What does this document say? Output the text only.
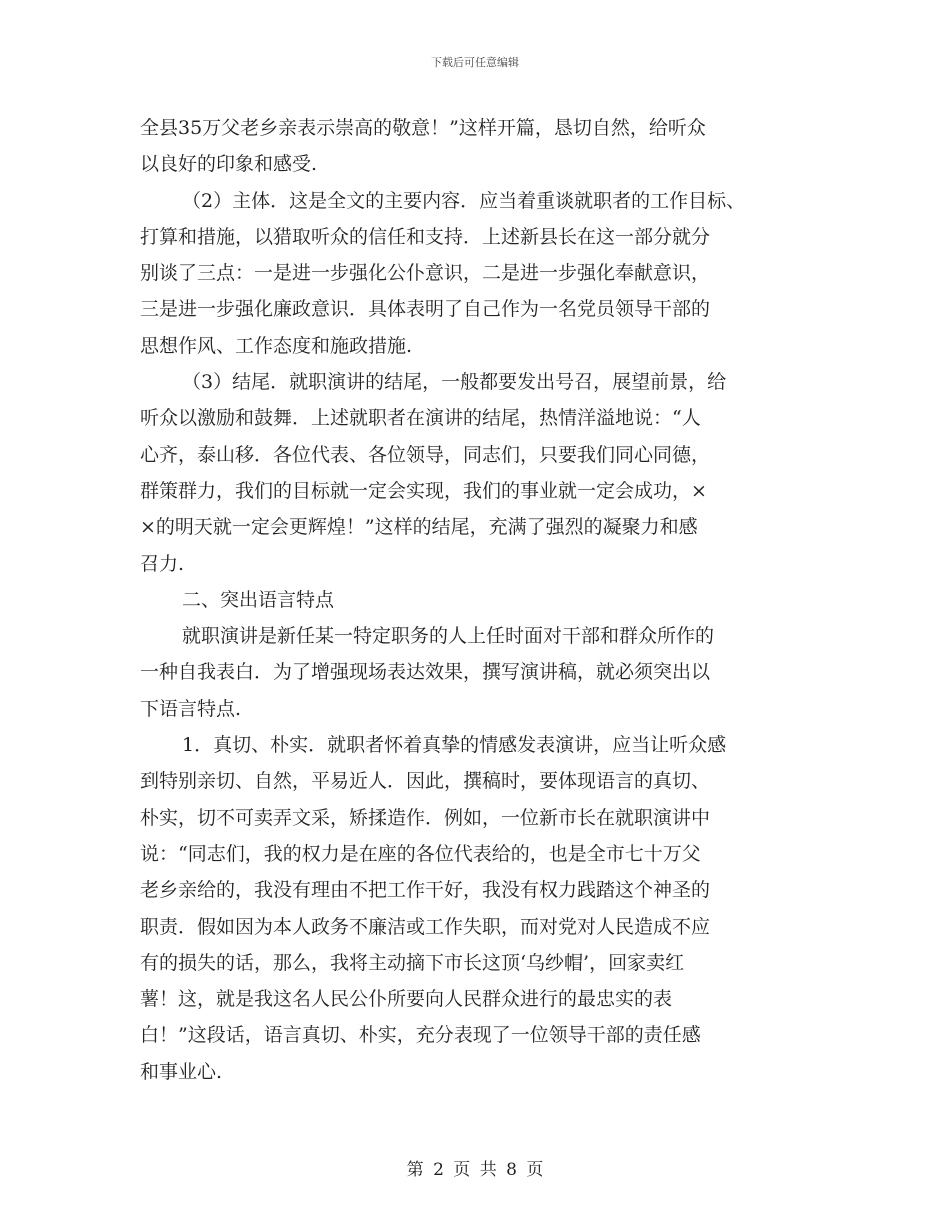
下载后可任意编辑
全县35万父老乡亲表示崇高的敬意！”这样开篇，恳切自然，给听众
以良好的印象和感受.
（2）主体．这是全文的主要内容．应当着重谈就职者的工作目标、
打算和措施，以猎取听众的信任和支持．上述新县长在这一部分就分
别谈了三点：一是进一步强化公仆意识，二是进一步强化奉献意识，
三是进一步强化廉政意识．具体表明了自己作为一名党员领导干部的
思想作风、工作态度和施政措施.
（3）结尾．就职演讲的结尾，一般都要发出号召，展望前景，给
听众以激励和鼓舞．上述就职者在演讲的结尾，热情洋溢地说：“人
心齐，泰山移．各位代表、各位领导，同志们，只要我们同心同德，
群策群力，我们的目标就一定会实现，我们的事业就一定会成功，×
×的明天就一定会更辉煌！”这样的结尾，充满了强烈的凝聚力和感
召力.
二、突出语言特点
就职演讲是新任某一特定职务的人上任时面对干部和群众所作的
一种自我表白．为了增强现场表达效果，撰写演讲稿，就必须突出以
下语言特点.
1．真切、朴实．就职者怀着真挚的情感发表演讲，应当让听众感
到特别亲切、自然，平易近人．因此，撰稿时，要体现语言的真切、
朴实，切不可卖弄文采，矫揉造作．例如，一位新市长在就职演讲中
说：“同志们，我的权力是在座的各位代表给的，也是全市七十万父
老乡亲给的，我没有理由不把工作干好，我没有权力践踏这个神圣的
职责．假如因为本人政务不廉洁或工作失职，而对党对人民造成不应
有的损失的话，那么，我将主动摘下市长这顶‘乌纱帽’，回家卖红
薯！这，就是我这名人民公仆所要向人民群众进行的最忠实的表
白！”这段话，语言真切、朴实，充分表现了一位领导干部的责任感
和事业心.
第 2 页 共 8 页
